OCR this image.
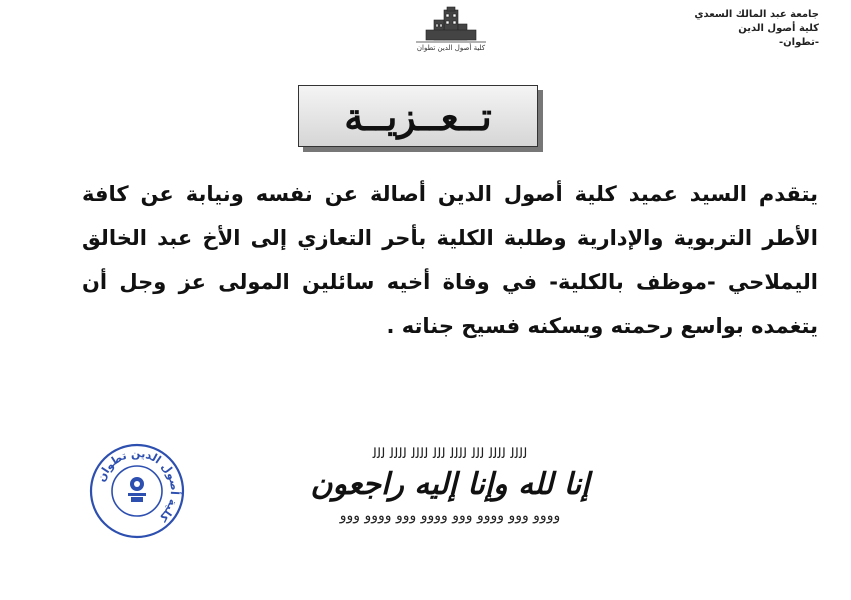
جامعة عبد المالك السعدي
كلية أصول الدين
-تطوان-
كلية أصول الدين تطوان
تــعــزيــة
يتقدم السيد عميد كلية أصول الدين أصالة عن نفسه ونيابة عن كافة الأطر التربوية والإدارية وطلبة الكلية بأحر التعازي إلى الأخ عبد الخالق اليملاحي -موظف بالكلية- في وفاة أخيه سائلين المولى عز وجل أن يتغمده بواسع رحمته ويسكنه فسيح جناته .
ﻟﻟﻟﻟ ﻟﻟﻟﻟ ﻟﻟﻟ ﻟﻟﻟﻟ ﻟﻟﻟ ﻟﻟﻟﻟ ﻟﻟﻟﻟ ﻟﻟﻟ
إنا لله وإنا إليه راجعون
ﻭﻭﻭﻭ ﻭﻭﻭ ﻭﻭﻭﻭ ﻭﻭﻭ ﻭﻭﻭﻭ ﻭﻭﻭ ﻭﻭﻭﻭ ﻭﻭﻭ
كلية أصول الدين تطوان
